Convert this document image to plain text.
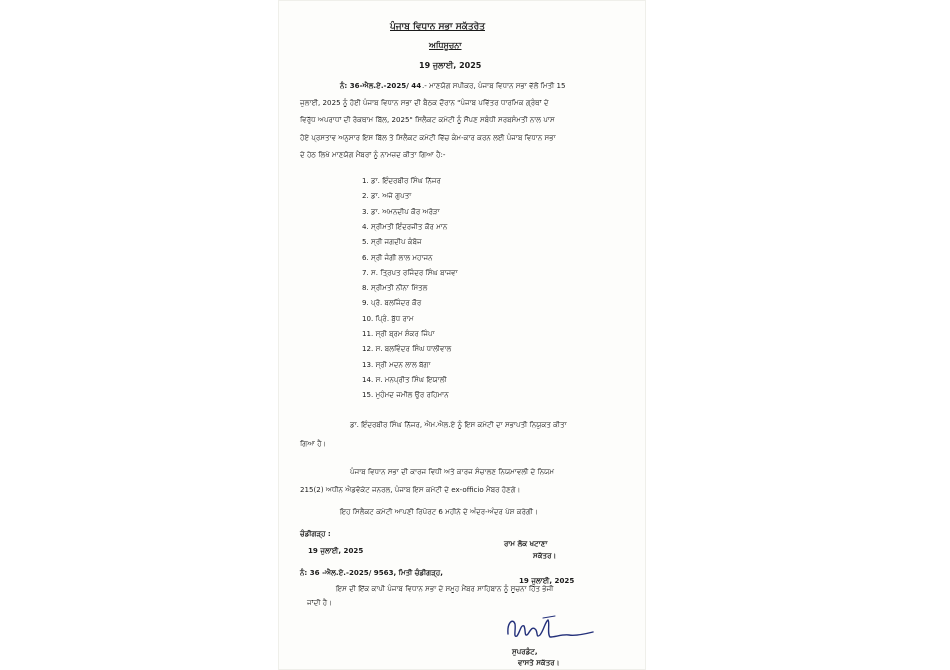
ਪੰਜਾਬ ਵਿਧਾਨ ਸਭਾ ਸਕੱਤਰੇਤ
ਅਧਿਸੂਚਨਾ
19 ਜੁਲਾਈ, 2025
ਨੰ: 36-ਐਲ.ਏ.-2025/ 44 .- ਮਾਣਯੋਗ ਸਪੀਕਰ, ਪੰਜਾਬ ਵਿਧਾਨ ਸਭਾ ਵੱਲੋਂ ਮਿਤੀ 15
ਜੁਲਾਈ, 2025 ਨੂੰ ਹੋਈ ਪੰਜਾਬ ਵਿਧਾਨ ਸਭਾ ਦੀ ਬੈਠਕ ਦੌਰਾਨ "ਪੰਜਾਬ ਪਵਿੱਤਰ ਧਾਰਮਿਕ ਗ੍ਰੰਥਾਂ ਦੇ
ਵਿਰੁੱਧ ਅਪਰਾਧਾਂ ਦੀ ਰੋਕਥਾਮ ਬਿੱਲ, 2025" ਸਿਲੈਕਟ ਕਮੇਟੀ ਨੂੰ ਸੌਂਪਣ ਸਬੰਧੀ ਸਰਬਸੰਮਤੀ ਨਾਲ ਪਾਸ
ਹੋਏ ਪ੍ਰਸਤਾਵ ਅਨੁਸਾਰ ਇਸ ਬਿੱਲ ਤੇ ਸਿਲੈਕਟ ਕਮੇਟੀ ਵਿੱਚ ਕੰਮ-ਕਾਰ ਕਰਨ ਲਈ ਪੰਜਾਬ ਵਿਧਾਨ ਸਭਾ
ਦੇ ਹੇਠ ਲਿਖੇ ਮਾਣਯੋਗ ਮੈਂਬਰਾਂ ਨੂੰ ਨਾਮਜ਼ਦ ਕੀਤਾ ਗਿਆ ਹੈ:-
1. ਡਾ. ਇੰਦਰਬੀਰ ਸਿੰਘ ਨਿੱਜਰ
2. ਡਾ. ਅਜੇ ਗੁਪਤਾ
3. ਡਾ. ਅਮਨਦੀਪ ਕੌਰ ਅਰੋੜਾ
4. ਸ੍ਰੀਮਤੀ ਇੰਦਰਜੀਤ ਕੌਰ ਮਾਨ
5. ਸ੍ਰੀ ਜਗਦੀਪ ਕੰਬੋਜ
6. ਸ੍ਰੀ ਜੰਗੀ ਲਾਲ ਮਹਾਜਨ
7. ਸ. ਤ੍ਰਿਪਤ ਰਜਿੰਦਰ ਸਿੰਘ ਬਾਜਵਾ
8. ਸ੍ਰੀਮਤੀ ਨੀਨਾ ਮਿੱਤਲ
9. ਪ੍ਰੋ. ਬਲਜਿੰਦਰ ਕੌਰ
10. ਪ੍ਰਿੰ. ਬੁੱਧ ਰਾਮ
11. ਸ੍ਰੀ ਬ੍ਰਮ ਸ਼ੰਕਰ ਜਿੰਪਾ
12. ਸ. ਬਲਵਿੰਦਰ ਸਿੰਘ ਧਾਲੀਵਾਲ
13. ਸ੍ਰੀ ਮਦਨ ਲਾਲ ਬੱਗਾ
14. ਸ. ਮਨਪ੍ਰੀਤ ਸਿੰਘ ਇਯਾਲੀ
15. ਮੁਹੰਮਦ ਜਮੀਲ ਉਰ ਰਹਿਮਾਨ
ਡਾ. ਇੰਦਰਬੀਰ ਸਿੰਘ ਨਿੱਜਰ, ਐਮ.ਐਲ.ਏ ਨੂੰ ਇਸ ਕਮੇਟੀ ਦਾ ਸਭਾਪਤੀ ਨਿਯੁਕਤ ਕੀਤਾ
ਗਿਆ ਹੈ।
ਪੰਜਾਬ ਵਿਧਾਨ ਸਭਾ ਦੀ ਕਾਰਜ ਵਿਧੀ ਅਤੇ ਕਾਰਜ ਸੰਚਾਲਣ ਨਿਯਮਾਵਲੀ ਦੇ ਨਿਯਮ
215(2) ਅਧੀਨ ਐਡਵੋਕੇਟ ਜਨਰਲ, ਪੰਜਾਬ ਇਸ ਕਮੇਟੀ ਦੇ ex-officio ਮੈਂਬਰ ਹੋਣਗੇ।
ਇਹ ਸਿਲੈਕਟ ਕਮੇਟੀ ਆਪਣੀ ਰਿਪੋਰਟ 6 ਮਹੀਨੇ ਦੇ ਅੰਦਰ-ਅੰਦਰ ਪੇਸ਼ ਕਰੇਗੀ।
ਚੰਡੀਗੜ੍ਹ :
19 ਜੁਲਾਈ, 2025
ਰਾਮ ਲੋਕ ਖਟਾਣਾ
ਸਕੱਤਰ।
ਨੰ: 36 -ਐਲ.ਏ.-2025/ 9563, ਮਿਤੀ ਚੰਡੀਗੜ੍ਹ,
19 ਜੁਲਾਈ, 2025
ਇਸ ਦੀ ਇੱਕ ਕਾਪੀ ਪੰਜਾਬ ਵਿਧਾਨ ਸਭਾ ਦੇ ਸਮੂਹ ਮੈਂਬਰ ਸਾਹਿਬਾਨ ਨੂੰ ਸੂਚਨਾ ਹਿੱਤ ਭੇਜੀ
ਜਾਂਦੀ ਹੈ।
ਸੁਪਰਡੰਟ,
ਵਾਸਤੇ ਸਕੱਤਰ।
